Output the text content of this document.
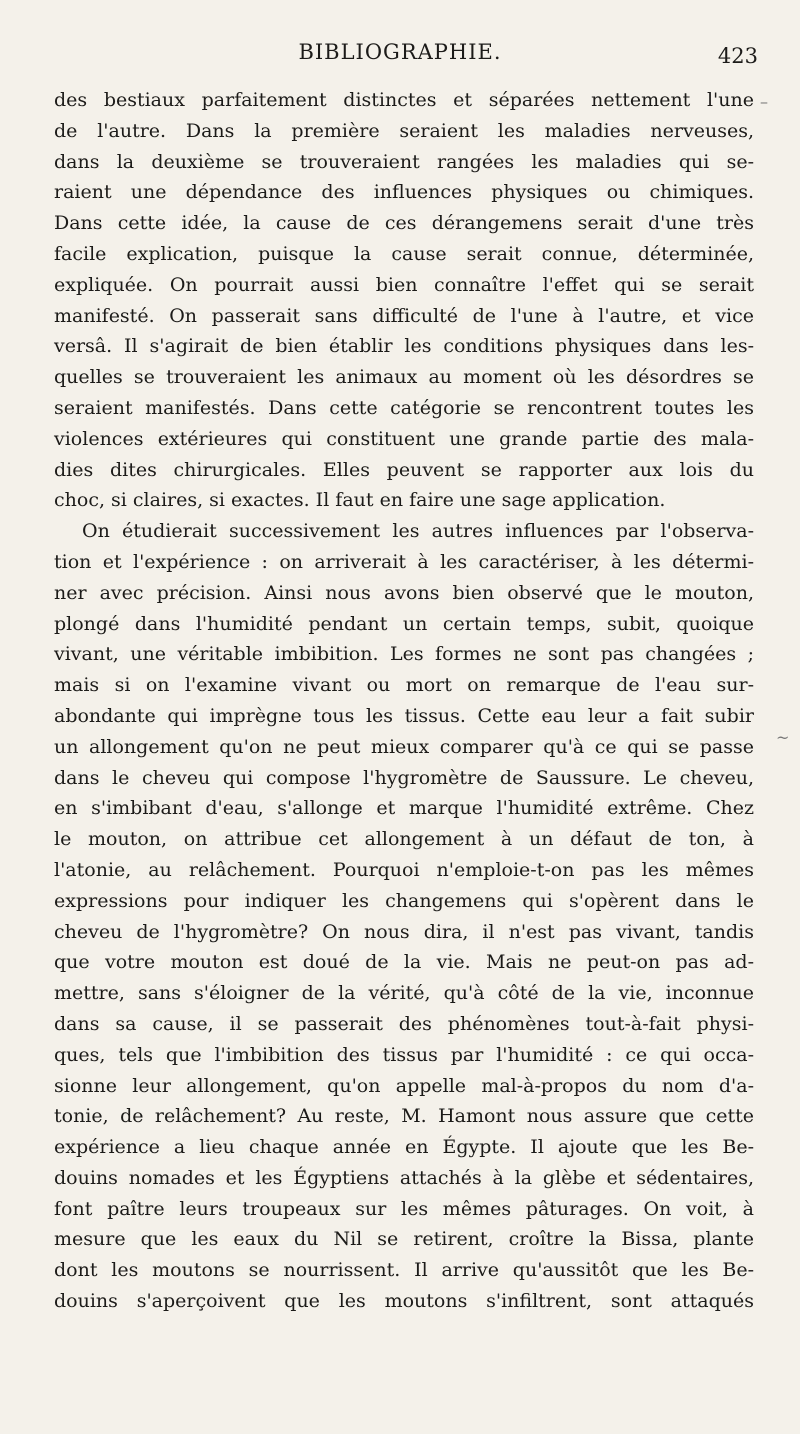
BIBLIOGRAPHIE.	423
des bestiaux parfaitement distinctes et séparées nettement l'une
de l'autre. Dans la première seraient les maladies nerveuses,
dans la deuxième se trouveraient rangées les maladies qui se-
raient une dépendance des influences physiques ou chimiques.
Dans cette idée, la cause de ces dérangemens serait d'une très
facile explication, puisque la cause serait connue, déterminée,
expliquée. On pourrait aussi bien connaître l'effet qui se serait
manifesté. On passerait sans difficulté de l'une à l'autre, et vice
versâ. Il s'agirait de bien établir les conditions physiques dans les-
quelles se trouveraient les animaux au moment où les désordres se
seraient manifestés. Dans cette catégorie se rencontrent toutes les
violences extérieures qui constituent une grande partie des mala-
dies dites chirurgicales. Elles peuvent se rapporter aux lois du
choc, si claires, si exactes. Il faut en faire une sage application.
On étudierait successivement les autres influences par l'observa-
tion et l'expérience : on arriverait à les caractériser, à les détermi-
ner avec précision. Ainsi nous avons bien observé que le mouton,
plongé dans l'humidité pendant un certain temps, subit, quoique
vivant, une véritable imbibition. Les formes ne sont pas changées ;
mais si on l'examine vivant ou mort on remarque de l'eau sur-
abondante qui imprègne tous les tissus. Cette eau leur a fait subir
un allongement qu'on ne peut mieux comparer qu'à ce qui se passe
dans le cheveu qui compose l'hygromètre de Saussure. Le cheveu,
en s'imbibant d'eau, s'allonge et marque l'humidité extrême. Chez
le mouton, on attribue cet allongement à un défaut de ton, à
l'atonie, au relâchement. Pourquoi n'emploie-t-on pas les mêmes
expressions pour indiquer les changemens qui s'opèrent dans le
cheveu de l'hygromètre? On nous dira, il n'est pas vivant, tandis
que votre mouton est doué de la vie. Mais ne peut-on pas ad-
mettre, sans s'éloigner de la vérité, qu'à côté de la vie, inconnue
dans sa cause, il se passerait des phénomènes tout-à-fait physi-
ques, tels que l'imbibition des tissus par l'humidité : ce qui occa-
sionne leur allongement, qu'on appelle mal-à-propos du nom d'a-
tonie, de relâchement? Au reste, M. Hamont nous assure que cette
expérience a lieu chaque année en Égypte. Il ajoute que les Be-
douins nomades et les Égyptiens attachés à la glèbe et sédentaires,
font paître leurs troupeaux sur les mêmes pâturages. On voit, à
mesure que les eaux du Nil se retirent, croître la Bissa, plante
dont les moutons se nourrissent. Il arrive qu'aussitôt que les Be-
douins s'aperçoivent que les moutons s'infiltrent, sont attaqués
–
~
